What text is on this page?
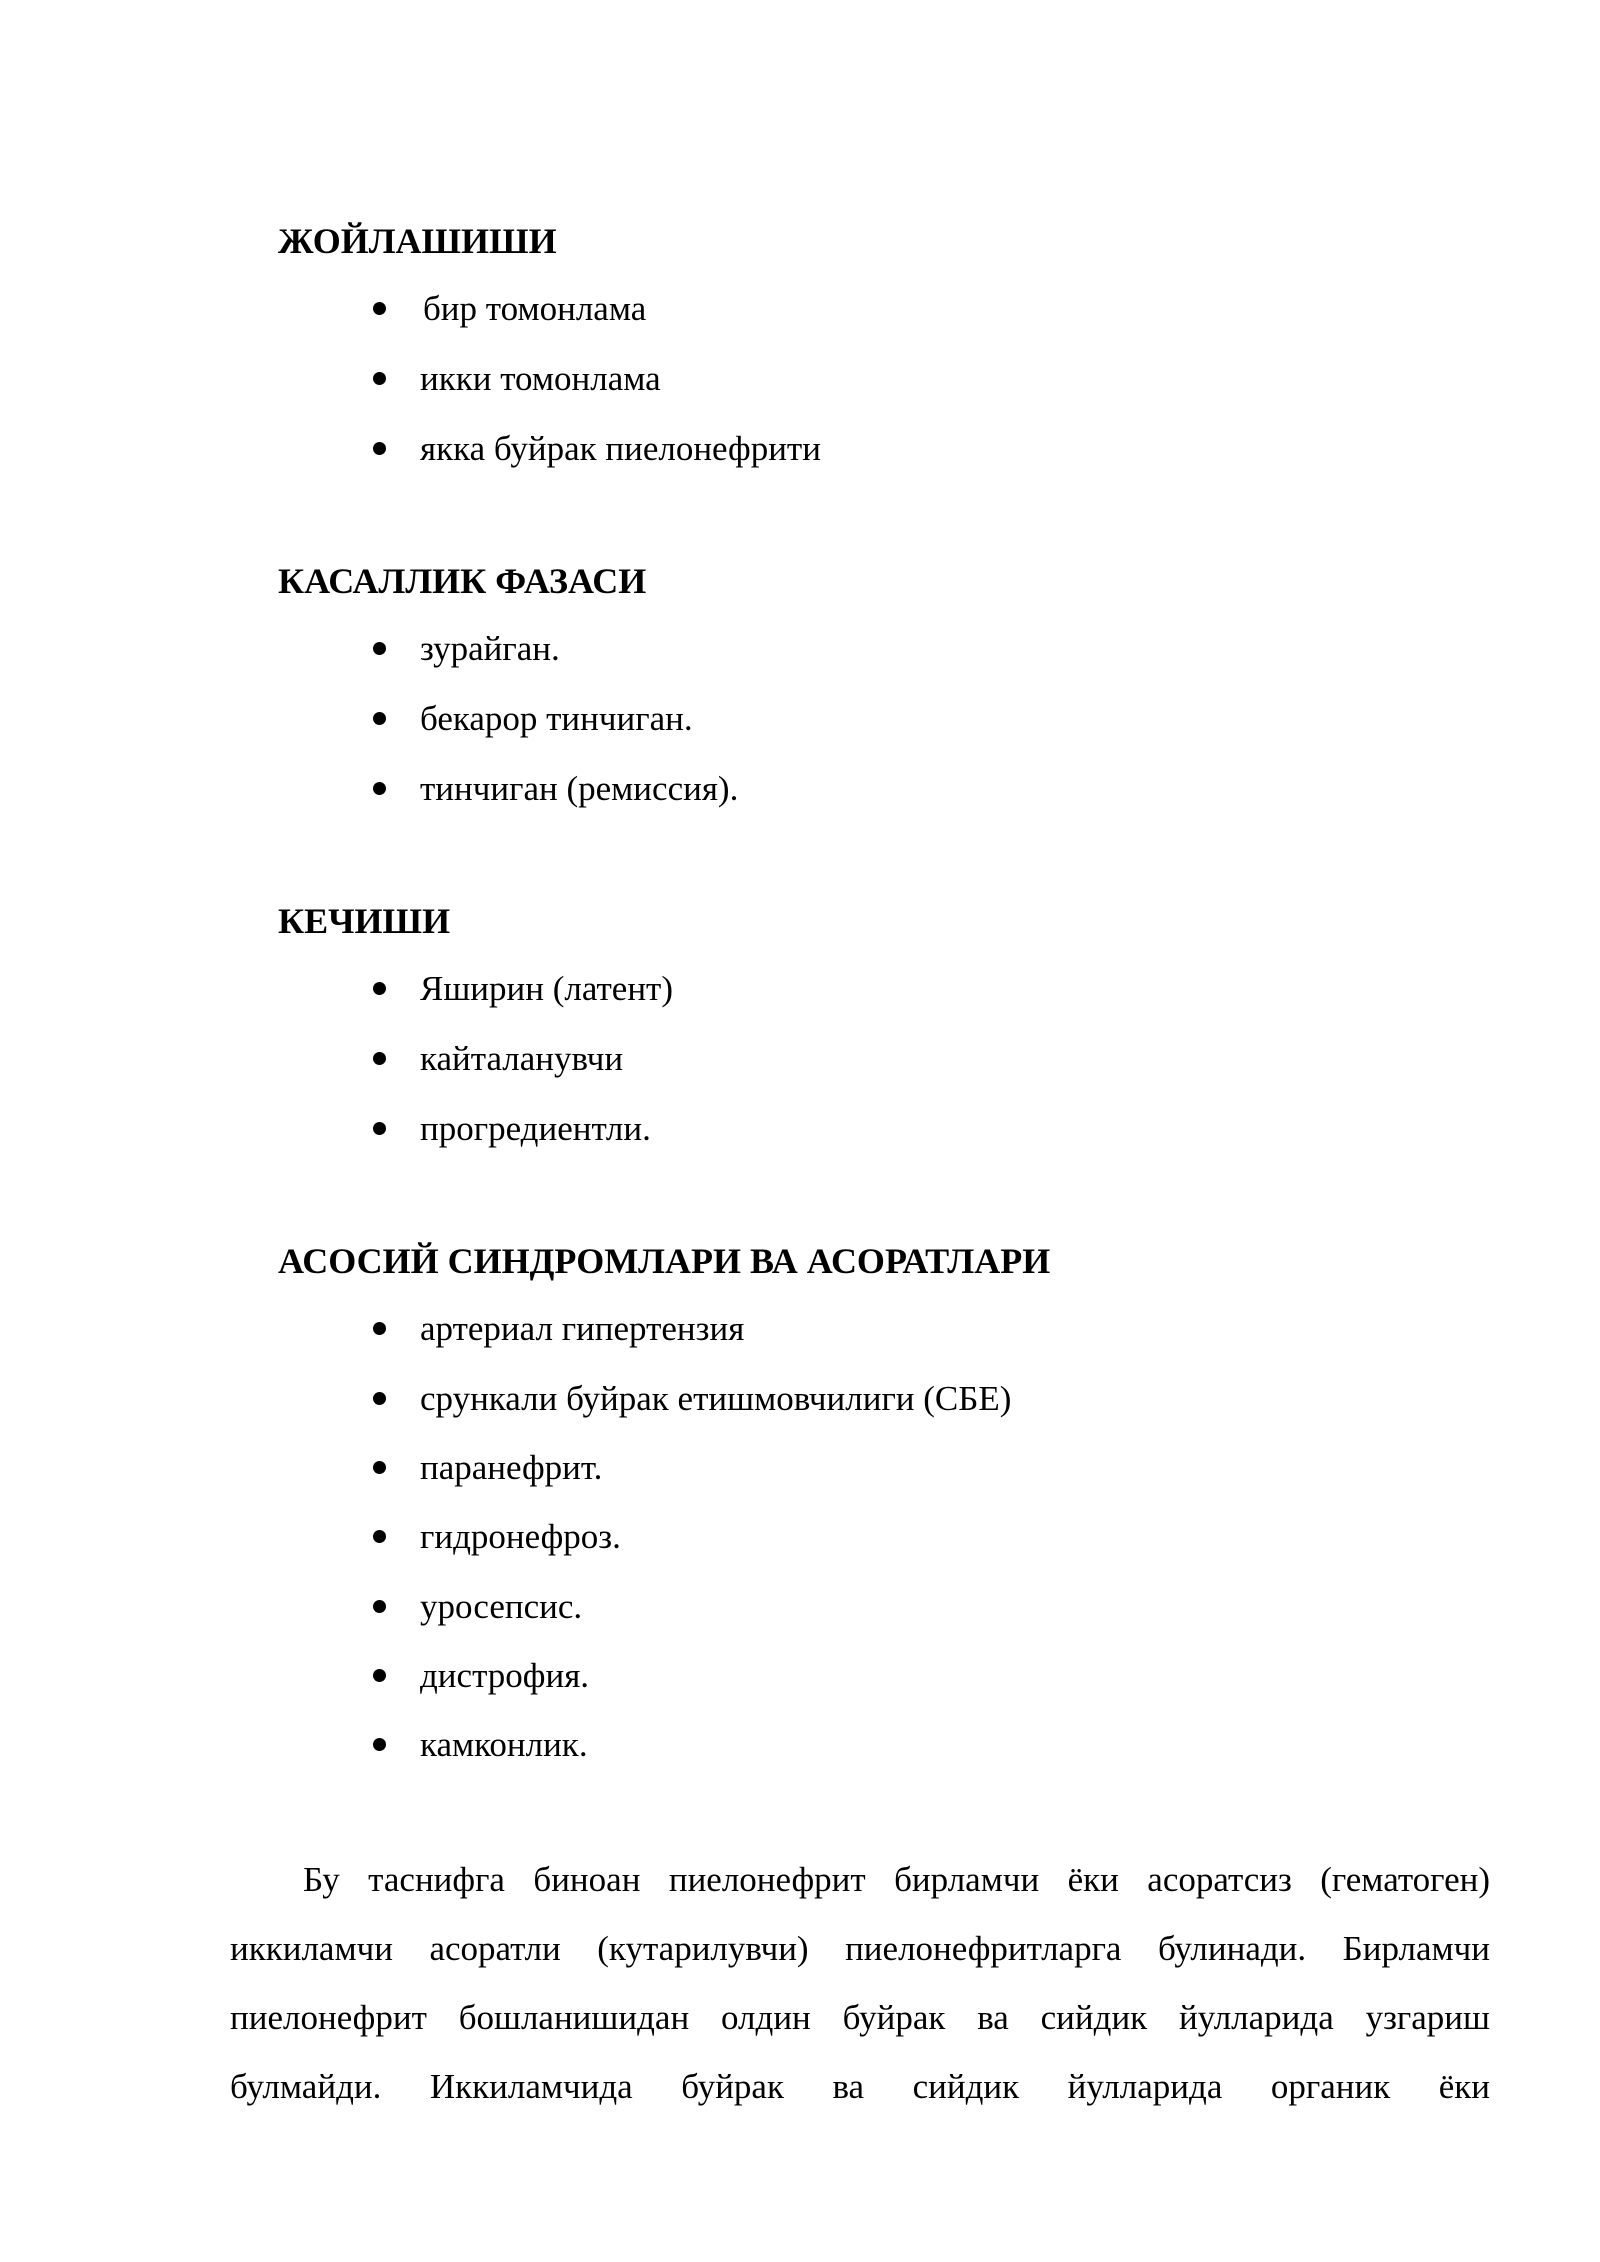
ЖОЙЛАШИШИ
бир томонлама
икки томонлама
якка буйрак пиелонефрити
КАСАЛЛИК ФАЗАСИ
зурайган.
бекарор тинчиган.
тинчиган (ремиссия).
КЕЧИШИ
Яширин (латент)
кайталанувчи
прогредиентли.
АСОСИЙ СИНДРОМЛАРИ ВА АСОРАТЛАРИ
артериал гипертензия
срункали буйрак етишмовчилиги (СБЕ)
паранефрит.
гидронефроз.
уросепсис.
дистрофия.
камконлик.
Бу таснифга биноан пиелонефрит бирламчи ёки асоратсиз (гематоген)
иккиламчи асоратли (кутарилувчи) пиелонефритларга булинади. Бирламчи
пиелонефрит бошланишидан олдин буйрак ва сийдик йулларида узгариш
булмайди. Иккиламчида буйрак ва сийдик йулларида органик ёки
